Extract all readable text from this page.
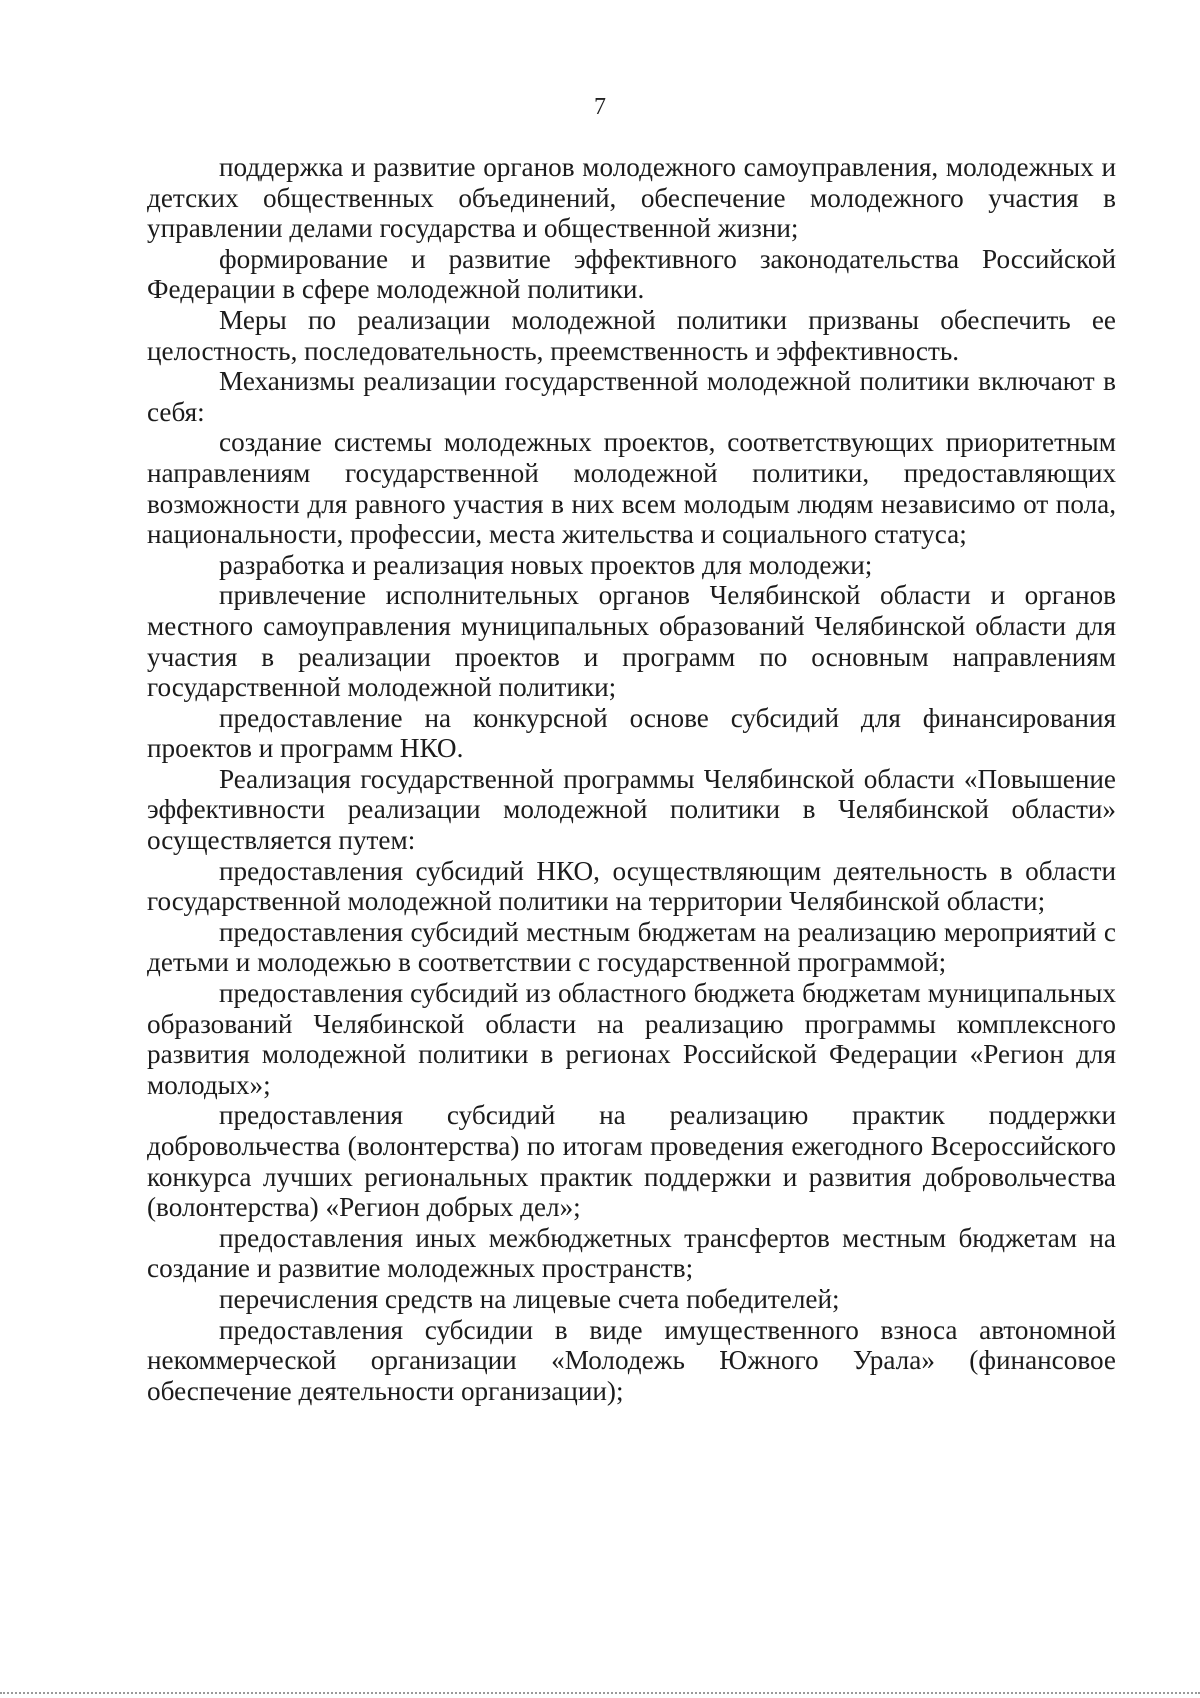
7

поддержка и развитие органов молодежного самоуправления, молодежных и детских общественных объединений, обеспечение молодежного участия в управлении делами государства и общественной жизни;

формирование и развитие эффективного законодательства Российской Федерации в сфере молодежной политики.

Меры по реализации молодежной политики призваны обеспечить ее целостность, последовательность, преемственность и эффективность.

Механизмы реализации государственной молодежной политики включают в себя:

создание системы молодежных проектов, соответствующих приоритетным направлениям государственной молодежной политики, предоставляющих возможности для равного участия в них всем молодым людям независимо от пола, национальности, профессии, места жительства и социального статуса;

разработка и реализация новых проектов для молодежи;

привлечение исполнительных органов Челябинской области и органов местного самоуправления муниципальных образований Челябинской области для участия в реализации проектов и программ по основным направлениям государственной молодежной политики;

предоставление на конкурсной основе субсидий для финансирования проектов и программ НКО.

Реализация государственной программы Челябинской области «Повышение эффективности реализации молодежной политики в Челябинской области» осуществляется путем:

предоставления субсидий НКО, осуществляющим деятельность в области государственной молодежной политики на территории Челябинской области;

предоставления субсидий местным бюджетам на реализацию мероприятий с детьми и молодежью в соответствии с государственной программой;

предоставления субсидий из областного бюджета бюджетам муниципальных образований Челябинской области на реализацию программы комплексного развития молодежной политики в регионах Российской Федерации «Регион для молодых»;

предоставления субсидий на реализацию практик поддержки добровольчества (волонтерства) по итогам проведения ежегодного Всероссийского конкурса лучших региональных практик поддержки и развития добровольчества (волонтерства) «Регион добрых дел»;

предоставления иных межбюджетных трансфертов местным бюджетам на создание и развитие молодежных пространств;

перечисления средств на лицевые счета победителей;

предоставления субсидии в виде имущественного взноса автономной некоммерческой организации «Молодежь Южного Урала» (финансовое обеспечение деятельности организации);
